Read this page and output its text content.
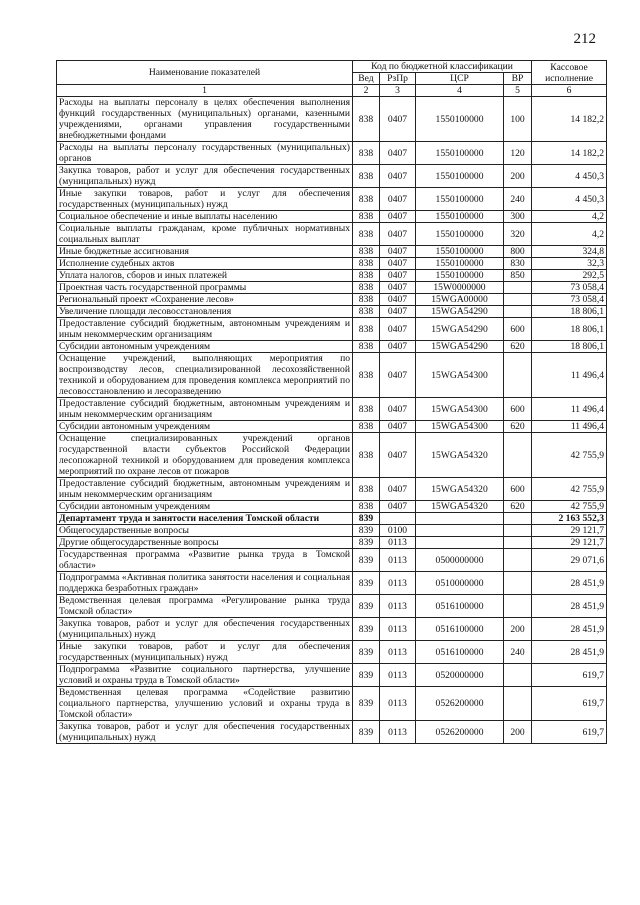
212
Наименование показателей	Код по бюджетной классификации				Кассовое исполнение
	Вед	РзПр	ЦСР	ВР	
1	2	3	4	5	6
Расходы на выплаты персоналу в целях обеспечения выполнения функций государственных (муниципальных) органами, казенными учреждениями, органами управления государственными внебюджетными фондами	838	0407	1550100000	100	14 182,2
Расходы на выплаты персоналу государственных (муниципальных) органов	838	0407	1550100000	120	14 182,2
Закупка товаров, работ и услуг для обеспечения государственных (муниципальных) нужд	838	0407	1550100000	200	4 450,3
Иные закупки товаров, работ и услуг для обеспечения государственных (муниципальных) нужд	838	0407	1550100000	240	4 450,3
Социальное обеспечение и иные выплаты населению	838	0407	1550100000	300	4,2
Социальные выплаты гражданам, кроме публичных нормативных социальных выплат	838	0407	1550100000	320	4,2
Иные бюджетные ассигнования	838	0407	1550100000	800	324,8
Исполнение судебных актов	838	0407	1550100000	830	32,3
Уплата налогов, сборов и иных платежей	838	0407	1550100000	850	292,5
Проектная часть государственной программы	838	0407	15W0000000		73 058,4
Региональный проект «Сохранение лесов»	838	0407	15WGA00000		73 058,4
Увеличение площади лесовосстановления	838	0407	15WGA54290		18 806,1
Предоставление субсидий бюджетным, автономным учреждениям и иным некоммерческим организациям	838	0407	15WGA54290	600	18 806,1
Субсидии автономным учреждениям	838	0407	15WGA54290	620	18 806,1
Оснащение учреждений, выполняющих мероприятия по воспроизводству лесов, специализированной лесохозяйственной техникой и оборудованием для проведения комплекса мероприятий по лесовосстановлению и лесоразведению	838	0407	15WGA54300		11 496,4
Предоставление субсидий бюджетным, автономным учреждениям и иным некоммерческим организациям	838	0407	15WGA54300	600	11 496,4
Субсидии автономным учреждениям	838	0407	15WGA54300	620	11 496,4
Оснащение специализированных учреждений органов государственной власти субъектов Российской Федерации лесопожарной техникой и оборудованием для проведения комплекса мероприятий по охране лесов от пожаров	838	0407	15WGA54320		42 755,9
Предоставление субсидий бюджетным, автономным учреждениям и иным некоммерческим организациям	838	0407	15WGA54320	600	42 755,9
Субсидии автономным учреждениям	838	0407	15WGA54320	620	42 755,9
Департамент труда и занятости населения Томской области	839				2 163 552,3
Общегосударственные вопросы	839	0100			29 121,7
Другие общегосударственные вопросы	839	0113			29 121,7
Государственная программа «Развитие рынка труда в Томской области»	839	0113	0500000000		29 071,6
Подпрограмма «Активная политика занятости населения и социальная поддержка безработных граждан»	839	0113	0510000000		28 451,9
Ведомственная целевая программа «Регулирование рынка труда Томской области»	839	0113	0516100000		28 451,9
Закупка товаров, работ и услуг для обеспечения государственных (муниципальных) нужд	839	0113	0516100000	200	28 451,9
Иные закупки товаров, работ и услуг для обеспечения государственных (муниципальных) нужд	839	0113	0516100000	240	28 451,9
Подпрограмма «Развитие социального партнерства, улучшение условий и охраны труда в Томской области»	839	0113	0520000000		619,7
Ведомственная целевая программа «Содействие развитию социального партнерства, улучшению условий и охраны труда в Томской области»	839	0113	0526200000		619,7
Закупка товаров, работ и услуг для обеспечения государственных (муниципальных) нужд	839	0113	0526200000	200	619,7
